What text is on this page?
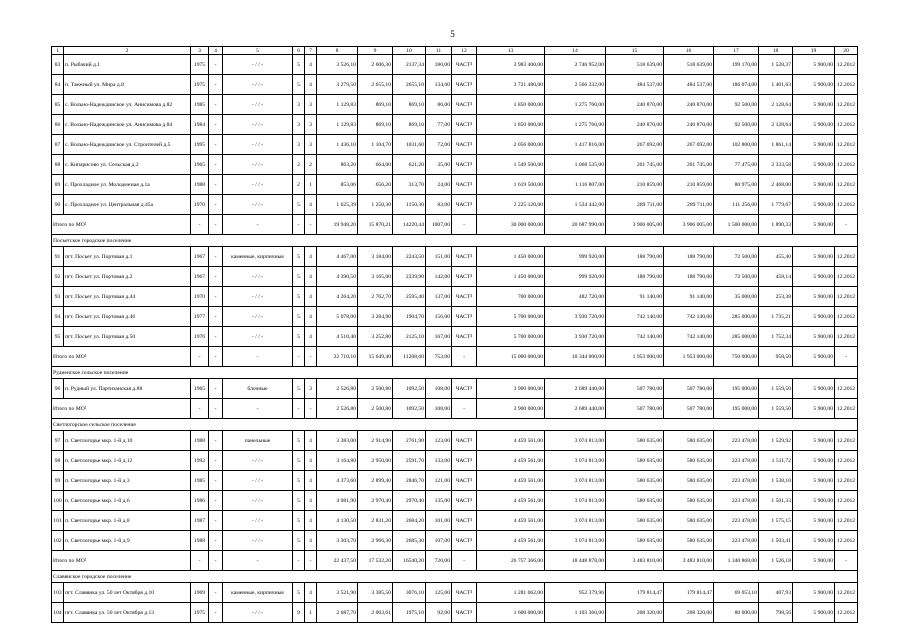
5
1	2	3	4	5	6	7	8	9	10	11	12	13	14	15	16	17	18	19	20
83	п. Рыбачий д.1	1975	-	- / / -	5	4	3 526,10	2 606,30	2137,34	180,00	ЧАСТ$^4$	3 983 400,00	2 746 952,00	518 639,00	518 639,00	199 170,00	1 528,37	5 900,00	12.2012
84	п. Таежный ул. Мира д.8	1975	-	- / / -	5	4	3 279,50	2 655,10	2655,10	134,00	ЧАСТ$^4$	3 721 480,00	2 566 332,00	484 537,00	484 537,00	186 074,00	1 401,63	5 900,00	12.2012
85	с. Вольно-Надеждинское ул. Анисимова д.82	1985	-	- / / -	3	3	1 129,83	869,10	869,10	86,00	ЧАСТ$^4$	1 850 000,00	1 275 760,00	240 870,00	240 870,00	92 500,00	2 128,64	5 900,00	12.2012
86	с. Вольно-Надеждинское ул. Анисимова д.84	1984	-	- / / -	3	3	1 129,83	869,10	869,10	77,00	ЧАСТ$^4$	1 850 000,00	1 275 760,00	240 870,00	240 870,00	92 500,00	2 128,64	5 900,00	12.2012
87	с. Вольно-Надеждинское ул. Строителей д.5	1995	-	- / / -	3	3	1 436,10	1 104,70	1031,60	72,00	ЧАСТ$^4$	2 056 000,00	1 417 816,00	267 692,00	267 692,00	102 800,00	1 861,14	5 900,00	12.2012
88	с. Кипарисово ул. Сельская д.2	1965	-	- / / -	2	2	863,20	664,00	621,20	35,00	ЧАСТ$^4$	1 549 500,00	1 068 535,00	201 745,00	201 745,00	77 475,00	2 333,58	5 900,00	12.2012
89	с. Прохладное ул. Молодежная д.1а	1988	-	- / / -	2	1	853,06	656,20	313,70	24,00	ЧАСТ$^4$	1 619 500,00	1 116 807,00	210 859,00	210 859,00	80 975,00	2 468,00	5 900,00	12.2012
90	с. Прохладное ул. Центральная д.45а	1970	-	- / / -	5	4	1 625,39	1 250,30	1150,30	83,00	ЧАСТ$^4$	2 225 120,00	1 534 442,00	289 711,00	289 711,00	111 256,00	1 779,67	5 900,00	12.2012
Итого по $МО^1$		-	-	-	-	-	19 948,20	15 870,21	14220,44	1007,00	-	30 000 000,00	20 687 990,00	3 906 005,00	3 906 005,00	1 500 000,00	1 890,33	5 900,00	-
Посьетское городское поселение																			
91	пгт. Посьет ул. Портовая д.1	1967	-	каменные, кирпичные	5	4	4 467,00	3 184,00	2243,50	151,00	ЧАСТ$^4$	1 450 000,00	999 920,00	188 790,00	188 790,00	72 500,00	455,40	5 900,00	12.2012
92	пгт. Посьет ул. Портовая д.2	1967	-	- / / -	5	4	4 390,50	3 165,00	2339,90	142,00	ЧАСТ$^4$	1 450 000,00	999 920,00	188 790,00	188 790,00	72 500,00	458,14	5 900,00	12.2012
93	пгт. Посьет ул. Портовая д.44	1970	-	- / / -	5	4	4 264,20	2 762,70	2595,40	137,00	ЧАСТ$^4$	700 000,00	482 720,00	91 140,00	91 140,00	35 000,00	253,38	5 900,00	12.2012
94	пгт. Посьет ул. Портовая д.46	1977	-	- / / -	5	4	5 078,00	3 284,90	1904,70	156,00	ЧАСТ$^4$	5 700 000,00	3 930 720,00	742 140,00	742 140,00	285 000,00	1 735,21	5 900,00	12.2012
95	пгт. Посьет ул. Портовая д.50	1976	-	- / / -	5	4	4 510,40	3 252,80	2125,10	167,00	ЧАСТ$^4$	5 700 000,00	3 930 720,00	742 140,00	742 140,00	285 000,00	1 752,34	5 900,00	12.2012
Итого по $МО^1$		-	-	-	-	-	22 710,10	15 649,40	11208,60	753,00	-	15 000 000,00	10 344 000,00	1 953 000,00	1 953 000,00	750 000,00	958,50	5 900,00	-
Рудненское сельское поселение																			
96	п. Рудный ул. Партизанская д.88	1965	-	блочные	5	3	2 526,80	2 500,80	1092,50	108,00	ЧАСТ$^4$	3 900 000,00	2 689 440,00	507 780,00	507 780,00	195 000,00	1 559,50	5 900,00	12.2012
Итого по $МО^1$		-	-	-	-	-	2 526,80	2 500,80	1092,50	108,00	-	3 900 000,00	2 689 440,00	507 780,00	507 780,00	195 000,00	1 559,50	5 900,00	12.2012
Светлогорское сельское поселение																			
97	п. Светлогорье мкр. 1-й д.10	1988	-	панельные	5	4	3 383,00	2 914,90	2761,90	123,00	ЧАСТ$^4$	4 459 561,00	3 074 813,00	580 635,00	580 635,00	223 478,00	1 529,92	5 900,00	12.2012
98	п. Светлогорье мкр. 1-й д.12	1992	-	- / / -	5	4	3 164,80	2 950,00	2591,70	133,00	ЧАСТ$^4$	4 459 561,00	3 074 813,00	580 635,00	580 635,00	223 478,00	1 511,72	5 900,00	12.2012
99	п. Светлогорье мкр. 1-й д.3	1985	-	- / / -	5	4	4 373,60	2 899,40	2846,70	121,00	ЧАСТ$^4$	4 459 561,00	3 074 813,00	580 635,00	580 635,00	223 478,00	1 538,10	5 900,00	12.2012
100	п. Светлогорье мкр. 1-й д.6	1986	-	- / / -	5	4	4 081,90	2 970,40	2970,40	135,00	ЧАСТ$^4$	4 459 561,00	3 074 813,00	580 635,00	580 635,00	223 478,00	1 501,33	5 900,00	12.2012
101	п. Светлогорье мкр. 1-й д.8	1987	-	- / / -	5	4	4 130,50	2 831,20	2684,20	101,00	ЧАСТ$^4$	4 459 561,00	3 074 813,00	580 635,00	580 635,00	223 478,00	1 575,15	5 900,00	12.2012
102	п. Светлогорье мкр. 1-й д.9	1988	-	- / / -	5	4	3 303,70	2 966,30	2685,30	107,00	ЧАСТ$^4$	4 459 561,00	3 074 813,00	580 635,00	580 635,00	223 478,00	1 503,41	5 900,00	12.2012
Итого по $МО^1$		-	-	-	-	-	22 437,50	17 532,20	16540,20	720,00	-	26 757 366,00	18 448 878,00	3 483 810,00	3 483 810,00	1 340 868,00	1 526,18	5 900,00	-
Славянское городское поселение																			
103	пгт. Славянка ул. 50 лет Октября д.10	1969	-	каменные, кирпичные	5	4	3 521,90	3 385,50	3076,10	125,00	ЧАСТ$^4$	1 281 062,00	952 379,96	179 814,47	179 814,47	69 053,10	407,93	5 900,00	12.2012
104	пгт. Славянка ул. 50 лет Октября д.13	1975	-	- / / -	9	1	2 687,70	2 003,61	1975,10	92,00	ЧАСТ$^4$	1 600 000,00	1 103 360,00	208 320,00	208 320,00	80 000,00	798,56	5 900,00	12.2012
